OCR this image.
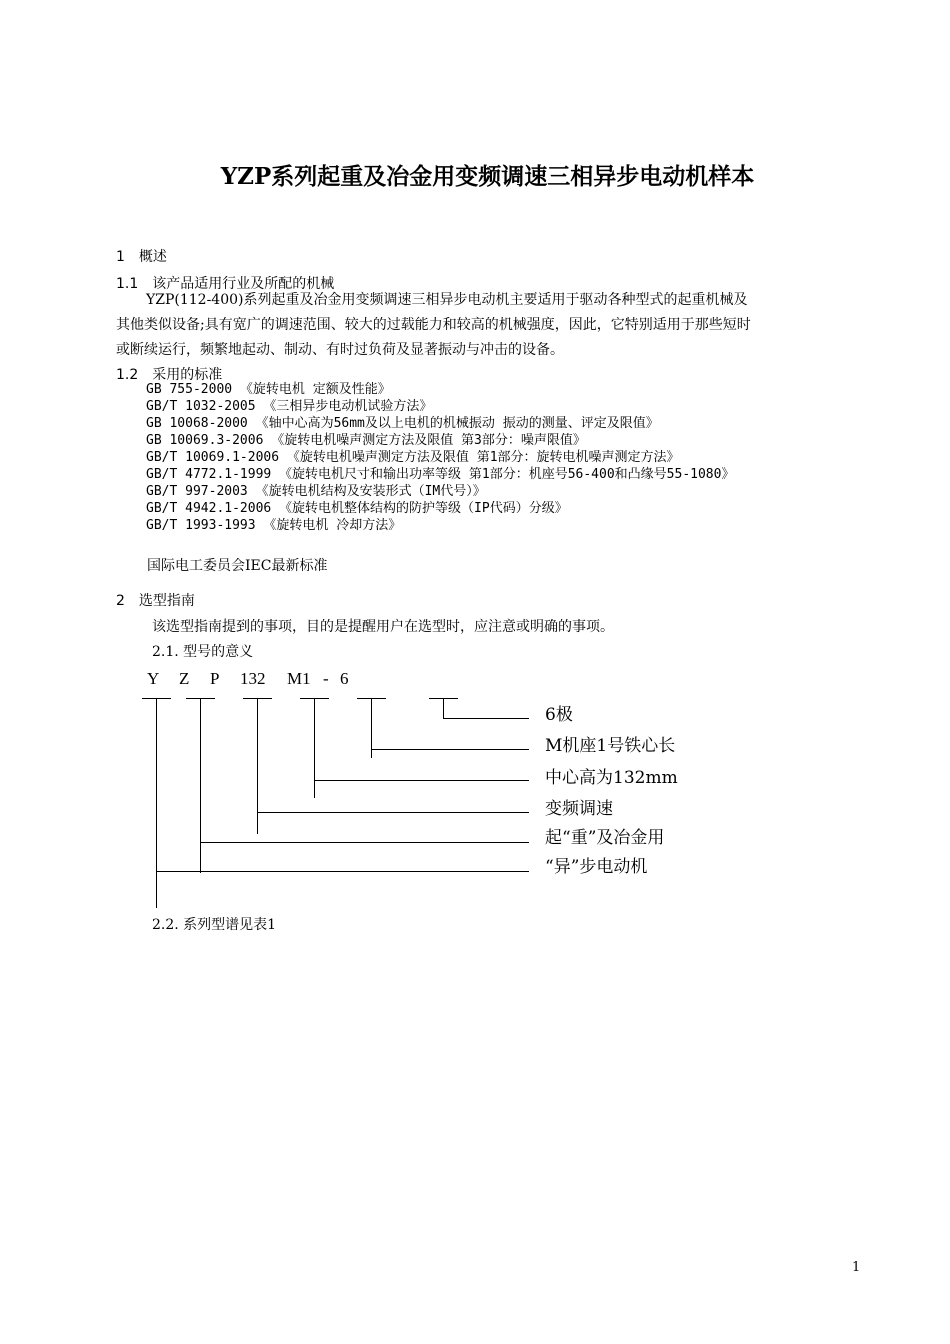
YZP系列起重及冶金用变频调速三相异步电动机样本
1　概述
1.1　该产品适用行业及所配的机械
YZP(112-400)系列起重及冶金用变频调速三相异步电动机主要适用于驱动各种型式的起重机械及
其他类似设备;具有宽广的调速范围、较大的过载能力和较高的机械强度，因此，它特别适用于那些短时
或断续运行，频繁地起动、制动、有时过负荷及显著振动与冲击的设备。
1.2　采用的标准
GB 755-2000 《旋转电机 定额及性能》
GB/T 1032-2005 《三相异步电动机试验方法》
GB 10068-2000 《轴中心高为56mm及以上电机的机械振动 振动的测量、评定及限值》
GB 10069.3-2006 《旋转电机噪声测定方法及限值 第3部分：噪声限值》
GB/T 10069.1-2006 《旋转电机噪声测定方法及限值 第1部分：旋转电机噪声测定方法》
GB/T 4772.1-1999 《旋转电机尺寸和输出功率等级 第1部分：机座号56-400和凸缘号55-1080》
GB/T 997-2003 《旋转电机结构及安装形式（IM代号）》
GB/T 4942.1-2006 《旋转电机整体结构的防护等级（IP代码）分级》
GB/T 1993-1993 《旋转电机 冷却方法》
国际电工委员会IEC最新标准
2　选型指南
该选型指南提到的事项，目的是提醒用户在选型时，应注意或明确的事项。
2.1. 型号的意义
Y Z P 132 M1 - 6
6极
M机座1号铁心长
中心高为132mm
变频调速
起“重”及冶金用
“异”步电动机
2.2. 系列型谱见表1
1
